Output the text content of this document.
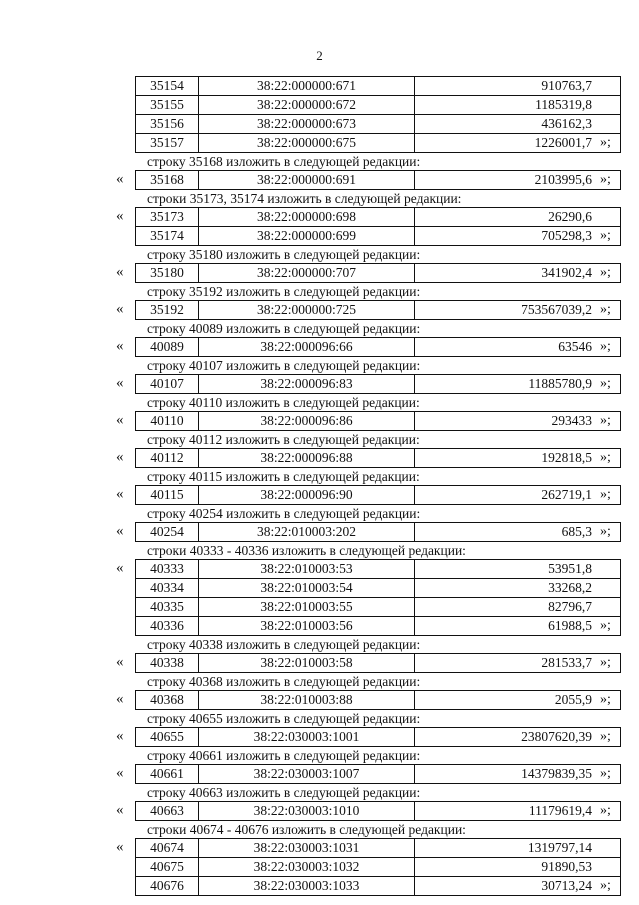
2
35154	38:22:000000:671	910763,7
35155	38:22:000000:672	1185319,8
35156	38:22:000000:673	436162,3
35157	38:22:000000:675	1226001,7 »;
строку 35168 изложить в следующей редакции:
35168	38:22:000000:691	2103995,6
«	»;
строки 35173, 35174 изложить в следующей редакции:
35173	38:22:000000:698	26290,6
35174	38:22:000000:699	705298,3
«
»;
строку 35180 изложить в следующей редакции:
35180	38:22:000000:707	341902,4
«	»;
строку 35192 изложить в следующей редакции:
35192	38:22:000000:725	753567039,2
«	»;
строку 40089 изложить в следующей редакции:
40089	38:22:000096:66	63546
«	»;
строку 40107 изложить в следующей редакции:
40107	38:22:000096:83	11885780,9
«	»;
строку 40110 изложить в следующей редакции:
40110	38:22:000096:86	293433
«	»;
строку 40112 изложить в следующей редакции:
40112	38:22:000096:88	192818,5
«	»;
строку 40115 изложить в следующей редакции:
40115	38:22:000096:90	262719,1
«	»;
строку 40254 изложить в следующей редакции:
40254	38:22:010003:202	685,3
«	»;
строки 40333 - 40336 изложить в следующей редакции:
40333	38:22:010003:53	53951,8
40334	38:22:010003:54	33268,2
40335	38:22:010003:55	82796,7
40336	38:22:010003:56	61988,5
«
»;
строку 40338 изложить в следующей редакции:
40338	38:22:010003:58	281533,7
«	»;
строку 40368 изложить в следующей редакции:
40368	38:22:010003:88	2055,9
«	»;
строку 40655 изложить в следующей редакции:
40655	38:22:030003:1001	23807620,39
«	»;
строку 40661 изложить в следующей редакции:
40661	38:22:030003:1007	14379839,35
«	»;
строку 40663 изложить в следующей редакции:
40663	38:22:030003:1010	11179619,4
«	»;
строки 40674 - 40676 изложить в следующей редакции:
40674	38:22:030003:1031	1319797,14
40675	38:22:030003:1032	91890,53
40676	38:22:030003:1033	30713,24
«
»;
